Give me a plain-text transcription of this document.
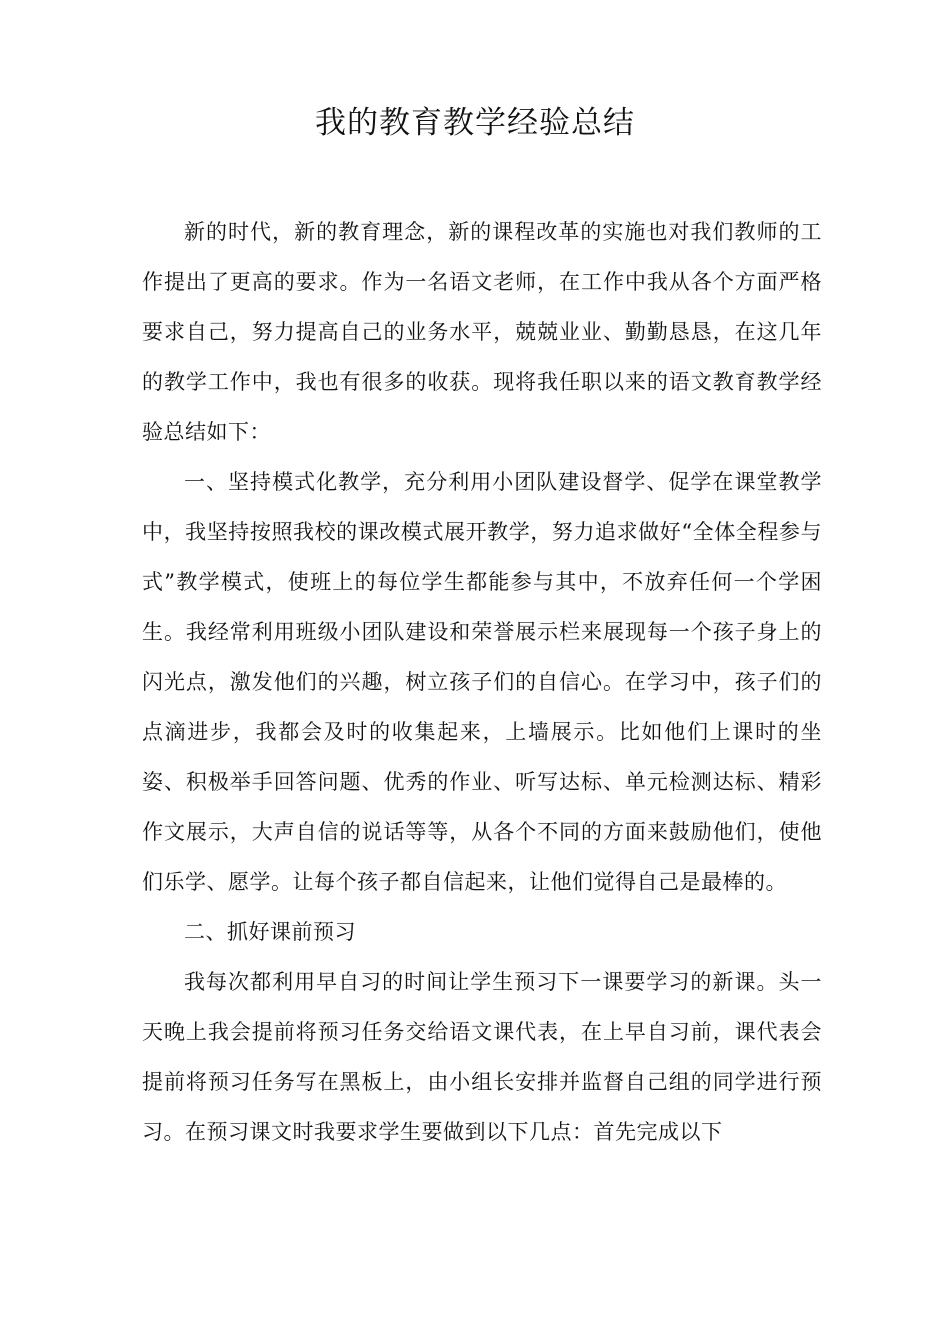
我的教育教学经验总结

新的时代，新的教育理念，新的课程改革的实施也对我们教师的工作提出了更高的要求。作为一名语文老师，在工作中我从各个方面严格要求自己，努力提高自己的业务水平，兢兢业业、勤勤恳恳，在这几年的教学工作中，我也有很多的收获。现将我任职以来的语文教育教学经验总结如下：

一、坚持模式化教学，充分利用小团队建设督学、促学在课堂教学中，我坚持按照我校的课改模式展开教学，努力追求做好“全体全程参与式”教学模式，使班上的每位学生都能参与其中，不放弃任何一个学困生。我经常利用班级小团队建设和荣誉展示栏来展现每一个孩子身上的闪光点，激发他们的兴趣，树立孩子们的自信心。在学习中，孩子们的点滴进步，我都会及时的收集起来，上墙展示。比如他们上课时的坐姿、积极举手回答问题、优秀的作业、听写达标、单元检测达标、精彩作文展示，大声自信的说话等等，从各个不同的方面来鼓励他们，使他们乐学、愿学。让每个孩子都自信起来，让他们觉得自己是最棒的。

二、抓好课前预习

我每次都利用早自习的时间让学生预习下一课要学习的新课。头一天晚上我会提前将预习任务交给语文课代表，在上早自习前，课代表会提前将预习任务写在黑板上，由小组长安排并监督自己组的同学进行预习。在预习课文时我要求学生要做到以下几点：首先完成以下
